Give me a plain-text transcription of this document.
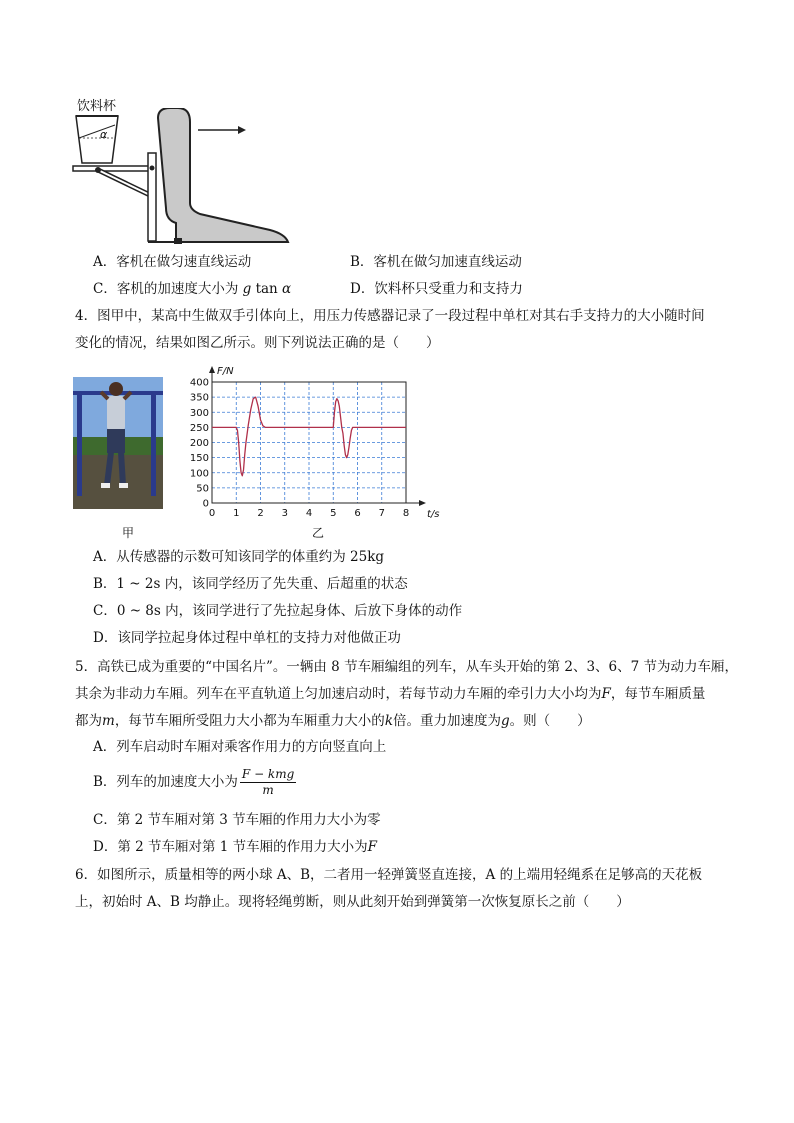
饮料杯
α
A．客机在做匀速直线运动	B．客机在做匀加速直线运动
C．客机的加速度大小为 g tan α	D．饮料杯只受重力和支持力
4．图甲中，某高中生做双手引体向上，用压力传感器记录了一段过程中单杠对其右手支持力的大小随时间
变化的情况，结果如图乙所示。则下列说法正确的是（　　）
甲
0 1 2 3 4 5 6 7 8
0
50
100
150
200
250
300
350
400
t/s
F/N
乙
A．从传感器的示数可知该同学的体重约为 25kg
B．1 ~ 2s 内，该同学经历了先失重、后超重的状态
C．0 ~ 8s 内，该同学进行了先拉起身体、后放下身体的动作
D．该同学拉起身体过程中单杠的支持力对他做正功
5．高铁已成为重要的“中国名片”。一辆由 8 节车厢编组的列车，从车头开始的第 2、3、6、7 节为动力车厢，
其余为非动力车厢。列车在平直轨道上匀加速启动时，若每节动力车厢的牵引力大小均为F，每节车厢质量
都为m，每节车厢所受阻力大小都为车厢重力大小的k倍。重力加速度为g。则（　　）
A．列车启动时车厢对乘客作用力的方向竖直向上
B．列车的加速度大小为 $\frac{\text{F − kmg}}{m}$
C．第 2 节车厢对第 3 节车厢的作用力大小为零
D．第 2 节车厢对第 1 节车厢的作用力大小为F
6．如图所示，质量相等的两小球 A、B，二者用一轻弹簧竖直连接，A 的上端用轻绳系在足够高的天花板
上，初始时 A、B 均静止。现将轻绳剪断，则从此刻开始到弹簧第一次恢复原长之前（　　）
